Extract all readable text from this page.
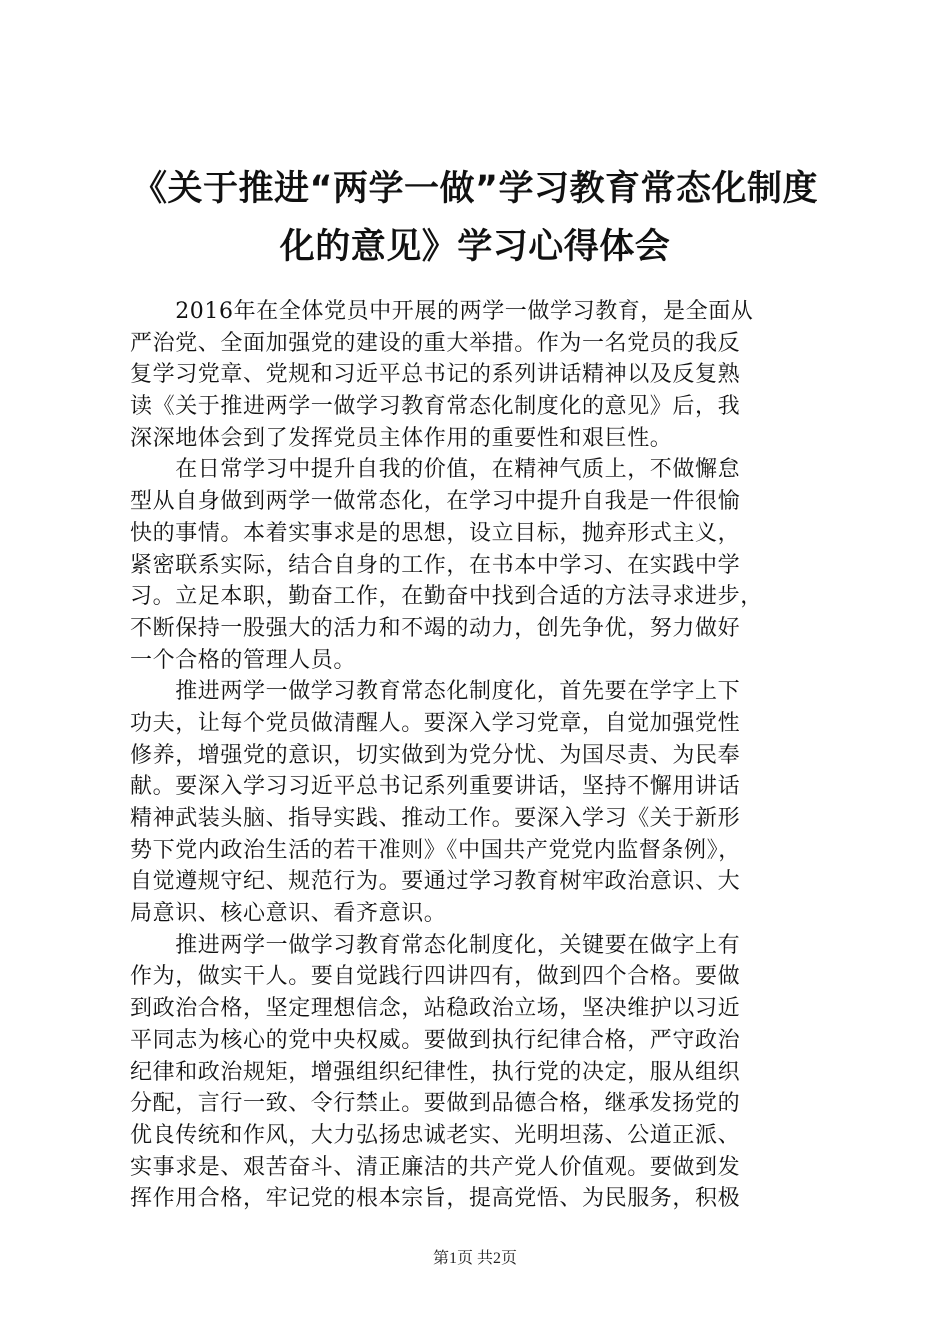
《关于推进“两学一做”学习教育常态化制度
化的意见》学习心得体会
　　2016年在全体党员中开展的两学一做学习教育，是全面从
严治党、全面加强党的建设的重大举措。作为一名党员的我反
复学习党章、党规和习近平总书记的系列讲话精神以及反复熟
读《关于推进两学一做学习教育常态化制度化的意见》后，我
深深地体会到了发挥党员主体作用的重要性和艰巨性。
　　在日常学习中提升自我的价值，在精神气质上，不做懈怠
型从自身做到两学一做常态化，在学习中提升自我是一件很愉
快的事情。本着实事求是的思想，设立目标，抛弃形式主义，
紧密联系实际，结合自身的工作，在书本中学习、在实践中学
习。立足本职，勤奋工作，在勤奋中找到合适的方法寻求进步，
不断保持一股强大的活力和不竭的动力，创先争优，努力做好
一个合格的管理人员。
　　推进两学一做学习教育常态化制度化，首先要在学字上下
功夫，让每个党员做清醒人。要深入学习党章，自觉加强党性
修养，增强党的意识，切实做到为党分忧、为国尽责、为民奉
献。要深入学习习近平总书记系列重要讲话，坚持不懈用讲话
精神武装头脑、指导实践、推动工作。要深入学习《关于新形
势下党内政治生活的若干准则》《中国共产党党内监督条例》，
自觉遵规守纪、规范行为。要通过学习教育树牢政治意识、大
局意识、核心意识、看齐意识。
　　推进两学一做学习教育常态化制度化，关键要在做字上有
作为，做实干人。要自觉践行四讲四有，做到四个合格。要做
到政治合格，坚定理想信念，站稳政治立场，坚决维护以习近
平同志为核心的党中央权威。要做到执行纪律合格，严守政治
纪律和政治规矩，增强组织纪律性，执行党的决定，服从组织
分配，言行一致、令行禁止。要做到品德合格，继承发扬党的
优良传统和作风，大力弘扬忠诚老实、光明坦荡、公道正派、
实事求是、艰苦奋斗、清正廉洁的共产党人价值观。要做到发
挥作用合格，牢记党的根本宗旨，提高党悟、为民服务，积极
第1页 共2页
